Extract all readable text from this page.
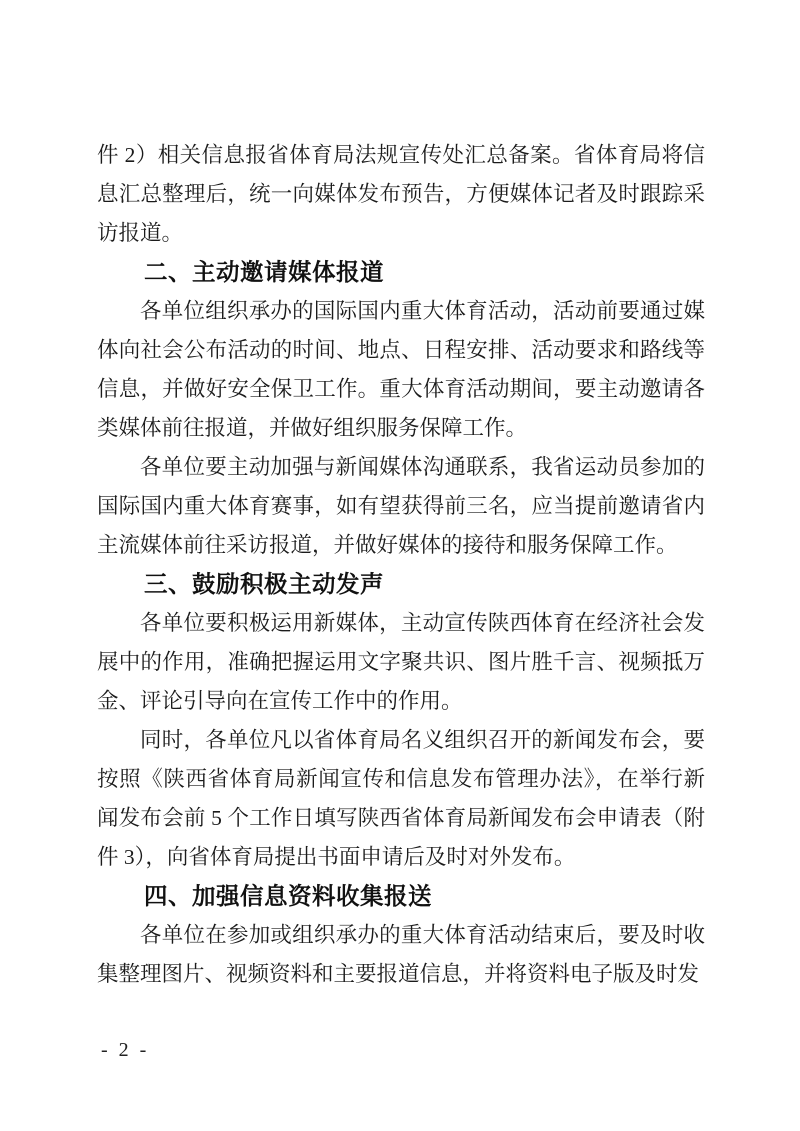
件 2）相关信息报省体育局法规宣传处汇总备案。省体育局将信息汇总整理后，统一向媒体发布预告，方便媒体记者及时跟踪采访报道。
二、主动邀请媒体报道
各单位组织承办的国际国内重大体育活动，活动前要通过媒体向社会公布活动的时间、地点、日程安排、活动要求和路线等信息，并做好安全保卫工作。重大体育活动期间，要主动邀请各类媒体前往报道，并做好组织服务保障工作。
各单位要主动加强与新闻媒体沟通联系，我省运动员参加的国际国内重大体育赛事，如有望获得前三名，应当提前邀请省内主流媒体前往采访报道，并做好媒体的接待和服务保障工作。
三、鼓励积极主动发声
各单位要积极运用新媒体，主动宣传陕西体育在经济社会发展中的作用，准确把握运用文字聚共识、图片胜千言、视频抵万金、评论引导向在宣传工作中的作用。
同时，各单位凡以省体育局名义组织召开的新闻发布会，要按照《陕西省体育局新闻宣传和信息发布管理办法》，在举行新闻发布会前 5 个工作日填写陕西省体育局新闻发布会申请表（附件 3），向省体育局提出书面申请后及时对外发布。
四、加强信息资料收集报送
各单位在参加或组织承办的重大体育活动结束后，要及时收集整理图片、视频资料和主要报道信息，并将资料电子版及时发
- 2 -
